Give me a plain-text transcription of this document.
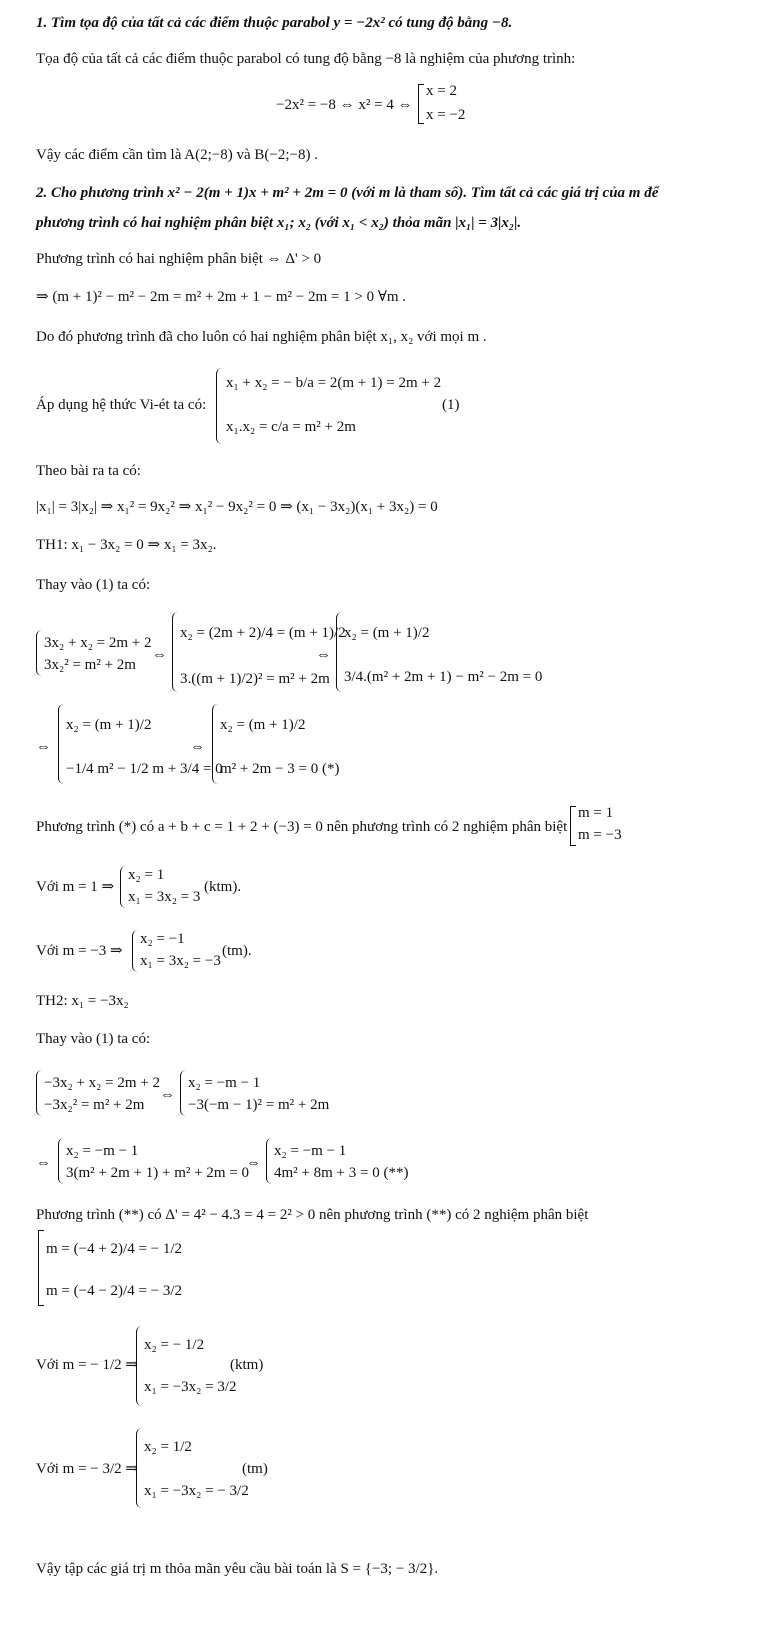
1. Tìm tọa độ của tất cả các điểm thuộc parabol y = −2x² có tung độ bằng −8.
Tọa độ của tất cả các điểm thuộc parabol có tung độ bằng −8 là nghiệm của phương trình:
−2x² = −8 ⇔ x² = 4 ⇔
x = 2
x = −2
Vậy các điểm cần tìm là A(2;−8) và B(−2;−8) .
2. Cho phương trình x² − 2(m + 1)x + m² + 2m = 0 (với m là tham số). Tìm tất cả các giá trị của m để
phương trình có hai nghiệm phân biệt x₁; x₂ (với x₁ < x₂) thỏa mãn |x₁| = 3|x₂|.
Phương trình có hai nghiệm phân biệt ⇔ Δ' > 0
⇒ (m + 1)² − m² − 2m = m² + 2m + 1 − m² − 2m = 1 > 0 ∀m .
Do đó phương trình đã cho luôn có hai nghiệm phân biệt x₁, x₂ với mọi m .
Áp dụng hệ thức Vi-ét ta có:
x₁ + x₂ = − b/a = 2(m + 1) = 2m + 2
x₁.x₂ = c/a = m² + 2m
(1)
Theo bài ra ta có:
|x₁| = 3|x₂| ⇒ x₁² = 9x₂² ⇒ x₁² − 9x₂² = 0 ⇒ (x₁ − 3x₂)(x₁ + 3x₂) = 0
TH1: x₁ − 3x₂ = 0 ⇒ x₁ = 3x₂.
Thay vào (1) ta có:
3x₂ + x₂ = 2m + 2
3x₂² = m² + 2m
⇔
x₂ = (2m + 2)/4 = (m + 1)/2
3.((m + 1)/2)² = m² + 2m
⇔
x₂ = (m + 1)/2
3/4.(m² + 2m + 1) − m² − 2m = 0
⇔
x₂ = (m + 1)/2
−1/4 m² − 1/2 m + 3/4 = 0
⇔
x₂ = (m + 1)/2
m² + 2m − 3 = 0 (*)
Phương trình (*) có a + b + c = 1 + 2 + (−3) = 0 nên phương trình có 2 nghiệm phân biệt
m = 1
m = −3
Với m = 1 ⇒
x₂ = 1
x₁ = 3x₂ = 3
(ktm).
Với m = −3 ⇒
x₂ = −1
x₁ = 3x₂ = −3
(tm).
TH2: x₁ = −3x₂
Thay vào (1) ta có:
−3x₂ + x₂ = 2m + 2
−3x₂² = m² + 2m
⇔
x₂ = −m − 1
−3(−m − 1)² = m² + 2m
⇔
x₂ = −m − 1
3(m² + 2m + 1) + m² + 2m = 0
⇔
x₂ = −m − 1
4m² + 8m + 3 = 0 (**)
Phương trình (**) có Δ' = 4² − 4.3 = 4 = 2² > 0 nên phương trình (**) có 2 nghiệm phân biệt
m = (−4 + 2)/4 = − 1/2
m = (−4 − 2)/4 = − 3/2
Với m = − 1/2 ⇒
x₂ = − 1/2
x₁ = −3x₂ = 3/2
(ktm)
Với m = − 3/2 ⇒
x₂ = 1/2
x₁ = −3x₂ = − 3/2
(tm)
Vậy tập các giá trị m thỏa mãn yêu cầu bài toán là S = {−3; − 3/2}.
